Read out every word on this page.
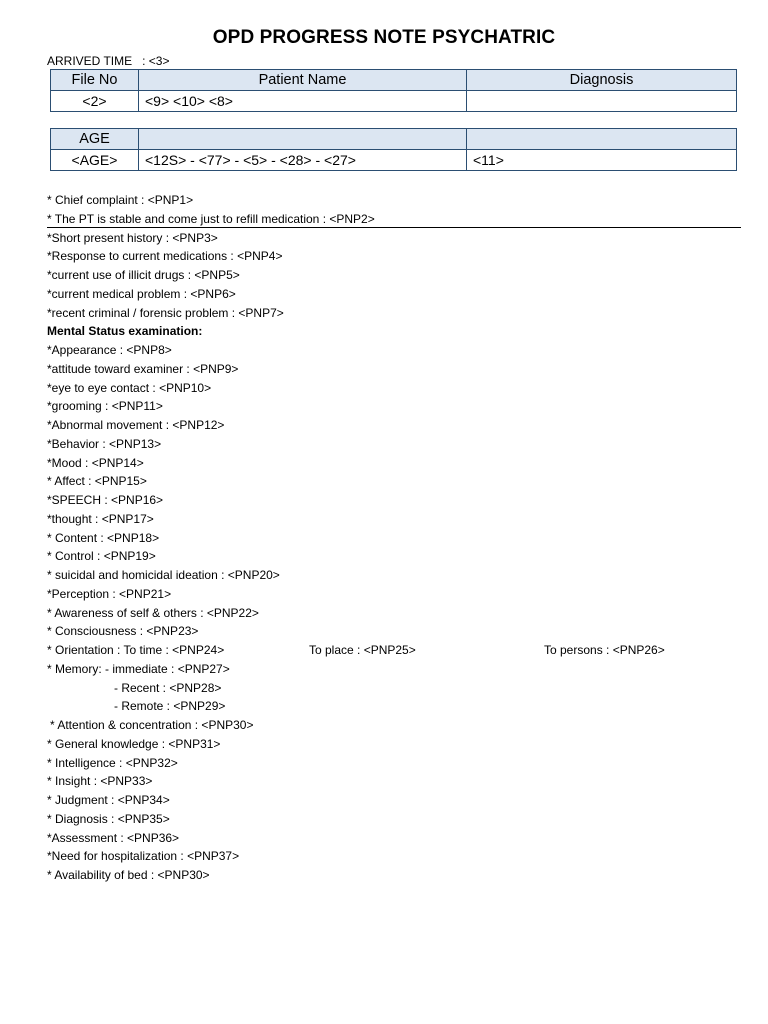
OPD PROGRESS NOTE PSYCHATRIC
ARRIVED TIME : <3>
File No	Patient Name	Diagnosis
<2>	<9> <10> <8>	
AGE		
<AGE>	<12S> - <77> - <5> - <28> - <27>	<11>
* Chief complaint : <PNP1>
* The PT is stable and come just to refill medication : <PNP2>
*Short present history : <PNP3>
*Response to current medications : <PNP4>
*current use of illicit drugs : <PNP5>
*current medical problem : <PNP6>
*recent criminal / forensic problem : <PNP7>
Mental Status examination:
*Appearance : <PNP8>
*attitude toward examiner : <PNP9>
*eye to eye contact : <PNP10>
*grooming : <PNP11>
*Abnormal movement : <PNP12>
*Behavior : <PNP13>
*Mood : <PNP14>
* Affect : <PNP15>
*SPEECH : <PNP16>
*thought : <PNP17>
* Content : <PNP18>
* Control : <PNP19>
* suicidal and homicidal ideation : <PNP20>
*Perception : <PNP21>
* Awareness of self & others : <PNP22>
* Consciousness : <PNP23>
* Orientation : To time : <PNP24>	To place : <PNP25>	To persons : <PNP26>
* Memory: - immediate : <PNP27>
- Recent : <PNP28>
- Remote : <PNP29>
* Attention & concentration : <PNP30>
* General knowledge : <PNP31>
* Intelligence : <PNP32>
* Insight : <PNP33>
* Judgment : <PNP34>
* Diagnosis : <PNP35>
*Assessment : <PNP36>
*Need for hospitalization : <PNP37>
* Availability of bed : <PNP30>
